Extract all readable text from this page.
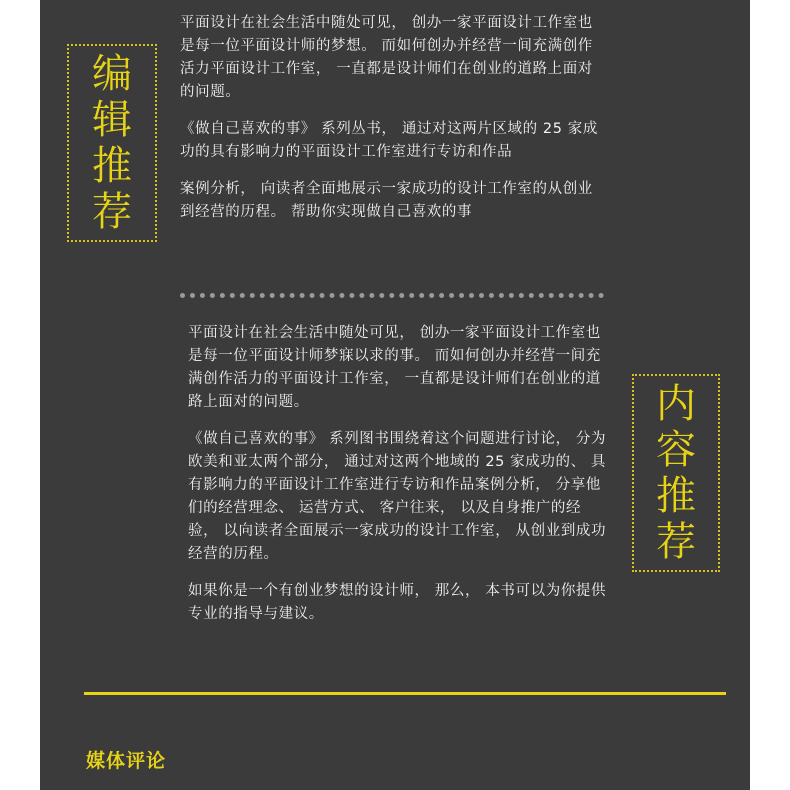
编
辑
推
荐

平面设计在社会生活中随处可见， 创办一家平面设计工作室也是每一位平面设计师的梦想。 而如何创办并经营一间充满创作活力平面设计工作室， 一直都是设计师们在创业的道路上面对的问题。

《做自己喜欢的事》 系列丛书， 通过对这两片区域的 25 家成功的具有影响力的平面设计工作室进行专访和作品

案例分析， 向读者全面地展示一家成功的设计工作室的从创业到经营的历程。 帮助你实现做自己喜欢的事

平面设计在社会生活中随处可见， 创办一家平面设计工作室也是每一位平面设计师梦寐以求的事。 而如何创办并经营一间充满创作活力的平面设计工作室， 一直都是设计师们在创业的道路上面对的问题。

《做自己喜欢的事》 系列图书围绕着这个问题进行讨论， 分为欧美和亚太两个部分， 通过对这两个地域的 25 家成功的、 具有影响力的平面设计工作室进行专访和作品案例分析， 分享他们的经营理念、 运营方式、 客户往来， 以及自身推广的经验， 以向读者全面展示一家成功的设计工作室， 从创业到成功经营的历程。

如果你是一个有创业梦想的设计师， 那么， 本书可以为你提供专业的指导与建议。

内
容
推
荐
媒体评论
